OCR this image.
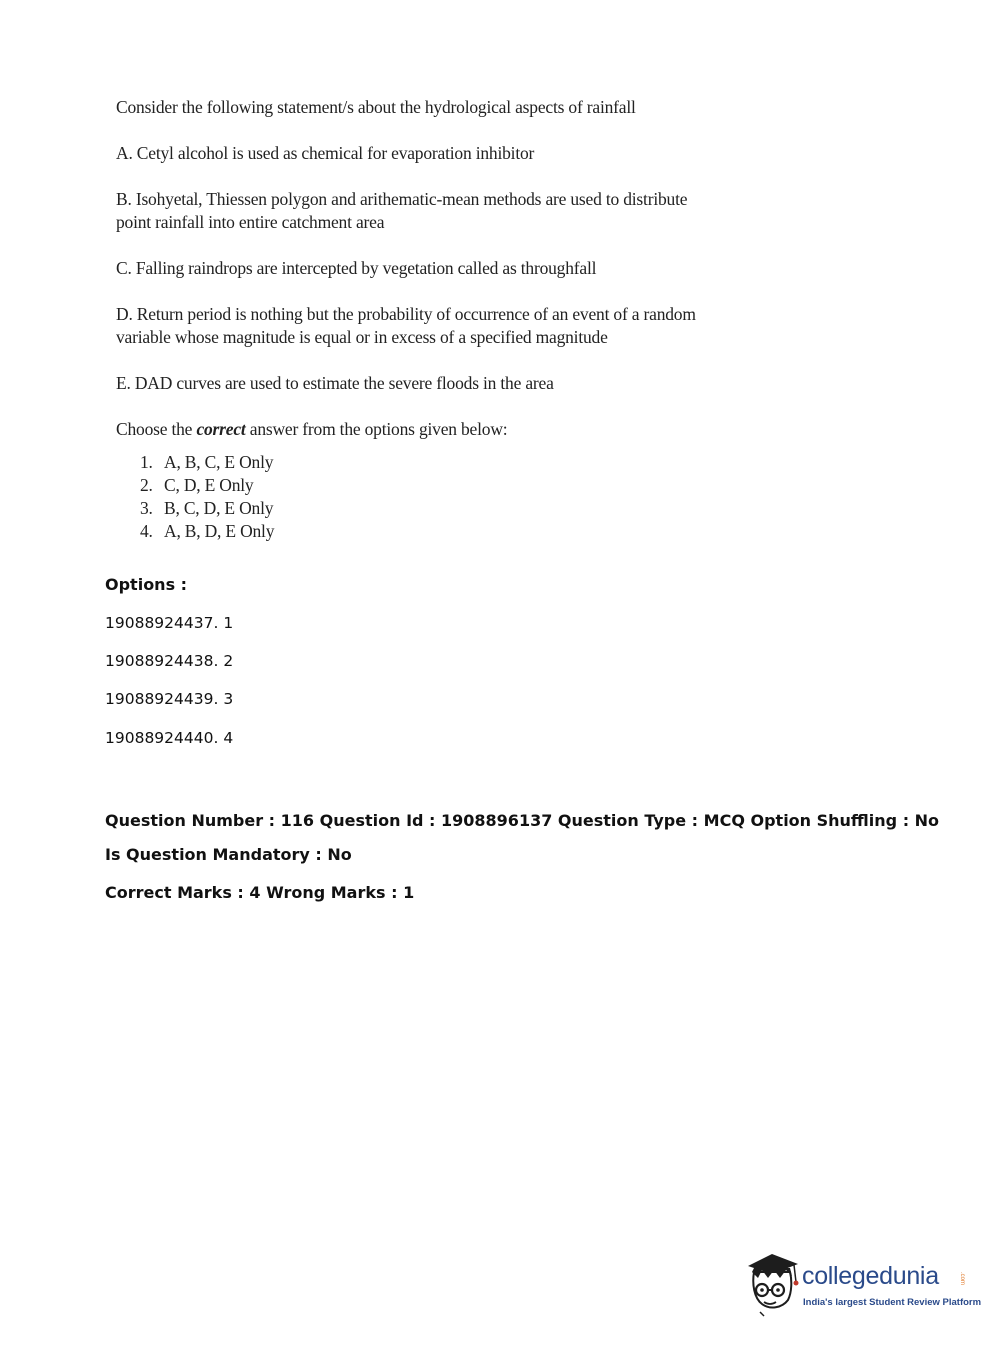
Consider the following statement/s about the hydrological aspects of rainfall

A. Cetyl alcohol is used as chemical for evaporation inhibitor

B. Isohyetal, Thiessen polygon and arithematic-mean methods are used to distribute point rainfall into entire catchment area

C. Falling raindrops are intercepted by vegetation called as throughfall

D. Return period is nothing but the probability of occurrence of an event of a random variable whose magnitude is equal or in excess of a specified magnitude

E. DAD curves are used to estimate the severe floods in the area

Choose the correct answer from the options given below:

1. A, B, C, E Only
2. C, D, E Only
3. B, C, D, E Only
4. A, B, D, E Only
Options :
19088924437. 1
19088924438. 2
19088924439. 3
19088924440. 4
Question Number : 116 Question Id : 1908896137 Question Type : MCQ Option Shuffling : No
Is Question Mandatory : No
Correct Marks : 4 Wrong Marks : 1
collegedunia	.com
India's largest Student Review Platform
